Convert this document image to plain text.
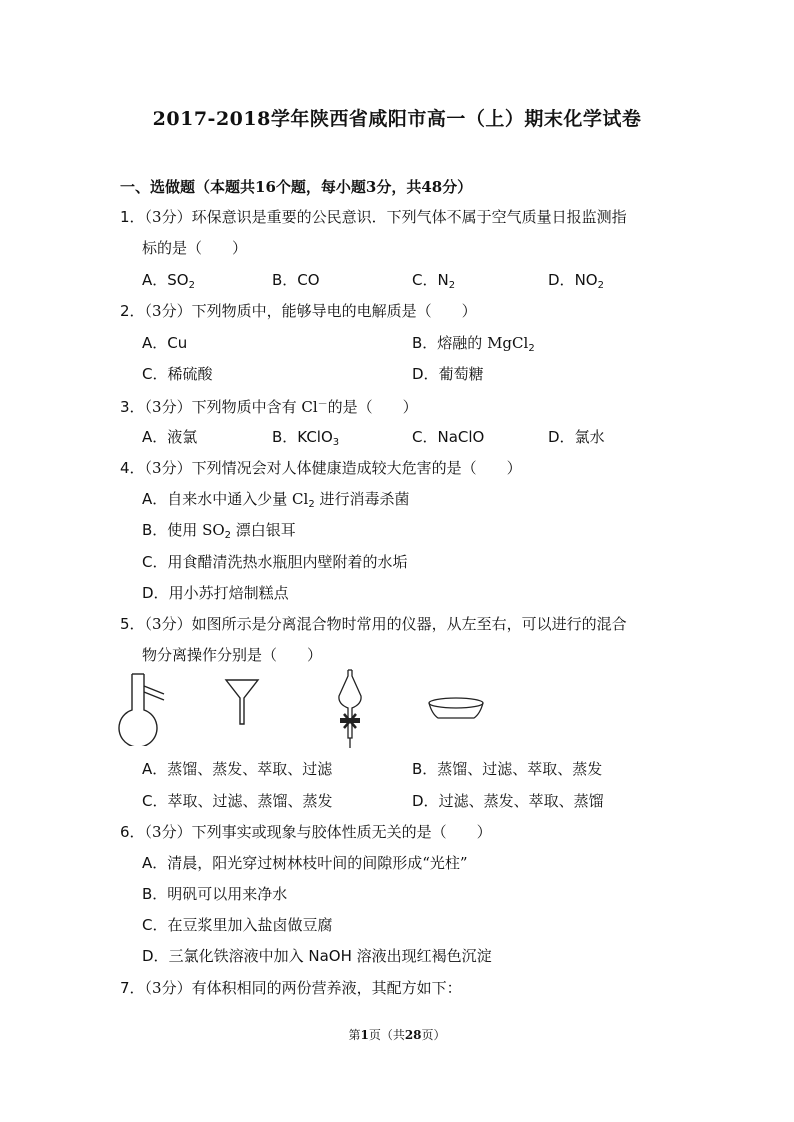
2017-2018学年陕西省咸阳市高一（上）期末化学试卷
一、选做题（本题共16个题，每小题3分，共48分）
1．（3分）环保意识是重要的公民意识．下列气体不属于空气质量日报监测指
标的是（　　）
A．$SO_2$	B．CO	C．$N_2$	D．$NO_2$
2．（3分）下列物质中，能够导电的电解质是（　　）
A．Cu	B．熔融的 MgCl$_2$
C．稀硫酸	D．葡萄糖
3．（3分）下列物质中含有 Cl－的是（　　）
A．液氯	B．KClO$_3$	C．NaClO	D．氯水
4．（3分）下列情况会对人体健康造成较大危害的是（　　）
A．自来水中通入少量 $Cl_2$ 进行消毒杀菌
B．使用 $SO_2$ 漂白银耳
C．用食醋清洗热水瓶胆内壁附着的水垢
D．用小苏打焙制糕点
5．（3分）如图所示是分离混合物时常用的仪器，从左至右，可以进行的混合
物分离操作分别是（　　）
A．蒸馏、蒸发、萃取、过滤	B．蒸馏、过滤、萃取、蒸发
C．萃取、过滤、蒸馏、蒸发	D．过滤、蒸发、萃取、蒸馏
6．（3分）下列事实或现象与胶体性质无关的是（　　）
A．清晨，阳光穿过树林枝叶间的间隙形成“光柱”
B．明矾可以用来净水
C．在豆浆里加入盐卤做豆腐
D．三氯化铁溶液中加入 NaOH 溶液出现红褐色沉淀
7．（3分）有体积相同的两份营养液，其配方如下：
第1页（共28页）
